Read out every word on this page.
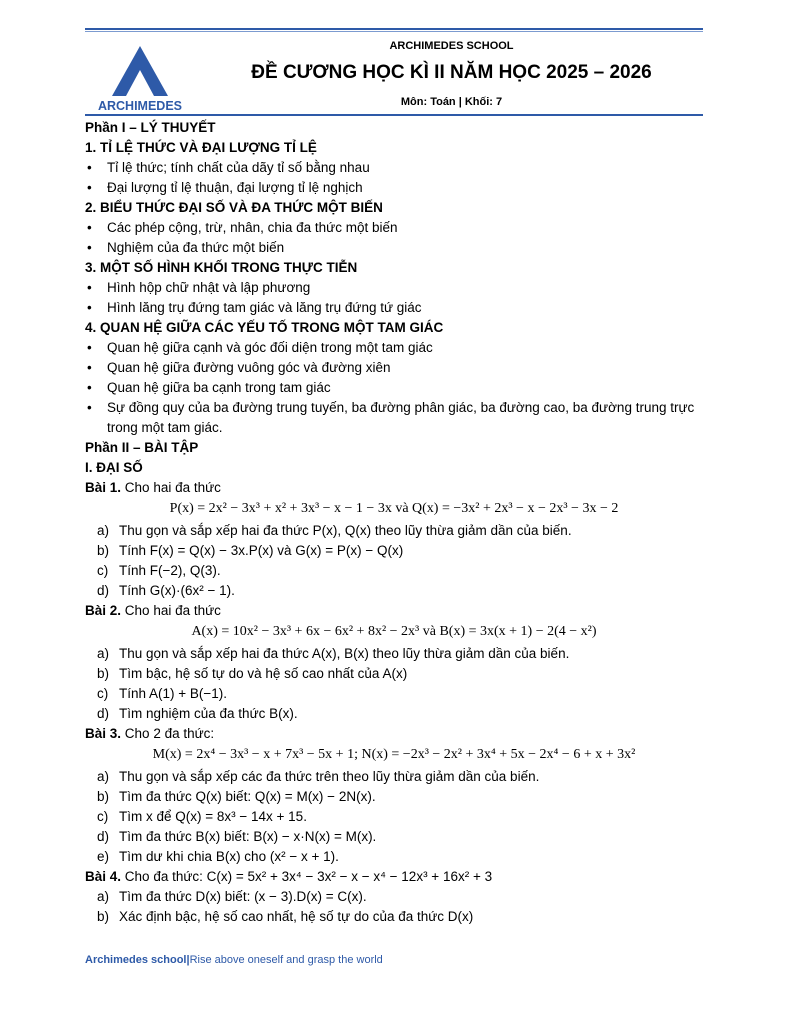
ARCHIMEDES
ARCHIMEDES SCHOOL
ĐỀ CƯƠNG HỌC KÌ II NĂM HỌC 2025 – 2026
Môn: Toán | Khối: 7
Phần I – LÝ THUYẾT
1. TỈ LỆ THỨC VÀ ĐẠI LƯỢNG TỈ LỆ
• Tỉ lệ thức; tính chất của dãy tỉ số bằng nhau
• Đại lượng tỉ lệ thuận, đại lượng tỉ lệ nghịch
2. BIỂU THỨC ĐẠI SỐ VÀ ĐA THỨC MỘT BIẾN
• Các phép cộng, trừ, nhân, chia đa thức một biến
• Nghiệm của đa thức một biến
3. MỘT SỐ HÌNH KHỐI TRONG THỰC TIỄN
• Hình hộp chữ nhật và lập phương
• Hình lăng trụ đứng tam giác và lăng trụ đứng tứ giác
4. QUAN HỆ GIỮA CÁC YẾU TỐ TRONG MỘT TAM GIÁC
• Quan hệ giữa cạnh và góc đối diện trong một tam giác
• Quan hệ giữa đường vuông góc và đường xiên
• Quan hệ giữa ba cạnh trong tam giác
• Sự đồng quy của ba đường trung tuyến, ba đường phân giác, ba đường cao, ba đường trung trực trong một tam giác.
Phần II – BÀI TẬP
I. ĐẠI SỐ
Bài 1. Cho hai đa thức
P(x) = 2x² − 3x³ + x² + 3x³ − x − 1 − 3x và Q(x) = −3x² + 2x³ − x − 2x³ − 3x − 2
a) Thu gọn và sắp xếp hai đa thức P(x), Q(x) theo lũy thừa giảm dần của biến.
b) Tính F(x) = Q(x) − 3x.P(x) và G(x) = P(x) − Q(x)
c) Tính F(−2), Q(3).
d) Tính G(x)·(6x² − 1).
Bài 2. Cho hai đa thức
A(x) = 10x² − 3x³ + 6x − 6x² + 8x² − 2x³ và B(x) = 3x(x + 1) − 2(4 − x²)
a) Thu gọn và sắp xếp hai đa thức A(x), B(x) theo lũy thừa giảm dần của biến.
b) Tìm bậc, hệ số tự do và hệ số cao nhất của A(x)
c) Tính A(1) + B(−1).
d) Tìm nghiệm của đa thức B(x).
Bài 3. Cho 2 đa thức:
M(x) = 2x⁴ − 3x³ − x + 7x³ − 5x + 1; N(x) = −2x³ − 2x² + 3x⁴ + 5x − 2x⁴ − 6 + x + 3x²
a) Thu gọn và sắp xếp các đa thức trên theo lũy thừa giảm dần của biến.
b) Tìm đa thức Q(x) biết: Q(x) = M(x) − 2N(x).
c) Tìm x để Q(x) = 8x³ − 14x + 15.
d) Tìm đa thức B(x) biết: B(x) − x·N(x) = M(x).
e) Tìm dư khi chia B(x) cho (x² − x + 1).
Bài 4. Cho đa thức: C(x) = 5x² + 3x⁴ − 3x² − x − x⁴ − 12x³ + 16x² + 3
a) Tìm đa thức D(x) biết: (x − 3).D(x) = C(x).
b) Xác định bậc, hệ số cao nhất, hệ số tự do của đa thức D(x)
Archimedes school|Rise above oneself and grasp the world
